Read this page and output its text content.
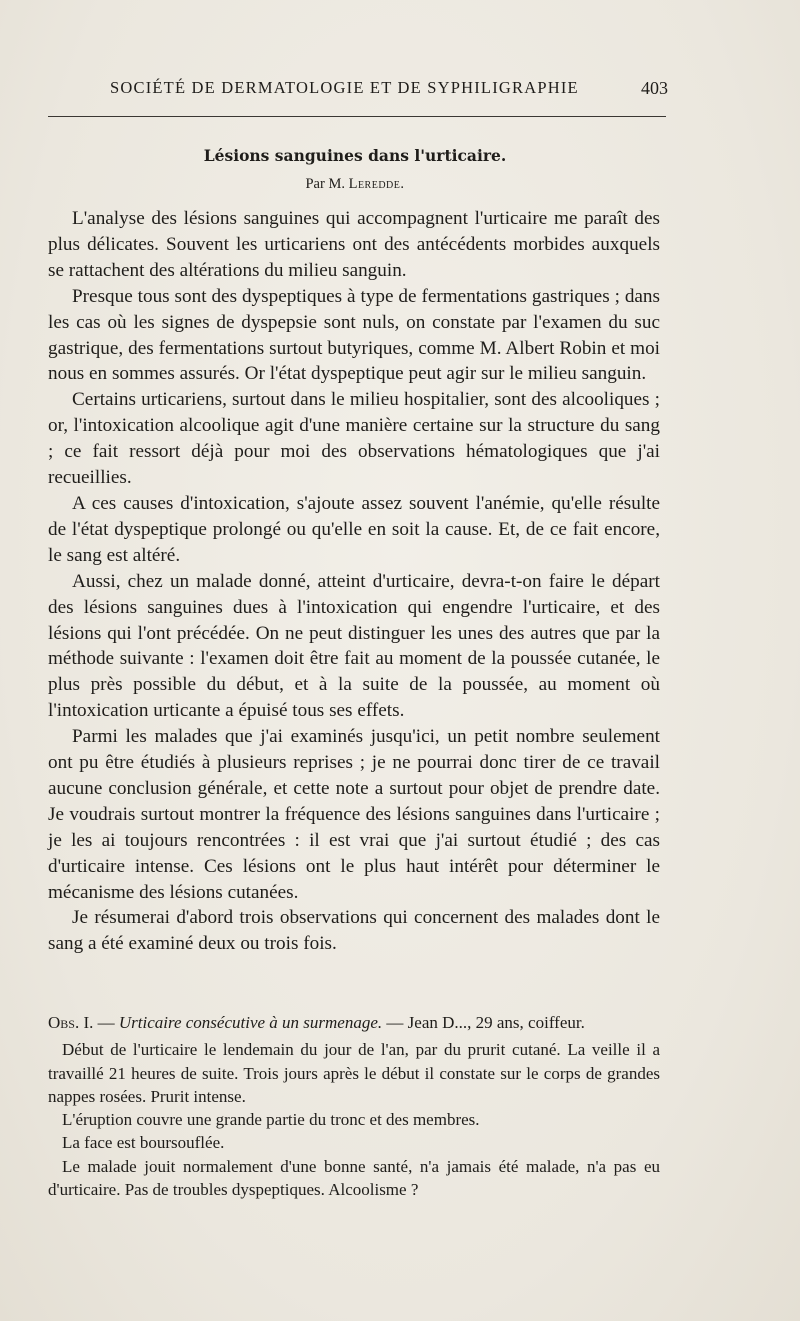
SOCIÉTÉ DE DERMATOLOGIE ET DE SYPHILIGRAPHIE	403
Lésions sanguines dans l'urticaire.
Par M. Leredde.

L'analyse des lésions sanguines qui accompagnent l'urticaire me paraît des plus délicates. Souvent les urticariens ont des antécédents morbides auxquels se rattachent des altérations du milieu sanguin.

Presque tous sont des dyspeptiques à type de fermentations gastriques ; dans les cas où les signes de dyspepsie sont nuls, on constate par l'examen du suc gastrique, des fermentations surtout butyriques, comme M. Albert Robin et moi nous en sommes assurés. Or l'état dyspeptique peut agir sur le milieu sanguin.

Certains urticariens, surtout dans le milieu hospitalier, sont des alcooliques ; or, l'intoxication alcoolique agit d'une manière certaine sur la structure du sang ; ce fait ressort déjà pour moi des observations hématologiques que j'ai recueillies.

A ces causes d'intoxication, s'ajoute assez souvent l'anémie, qu'elle résulte de l'état dyspeptique prolongé ou qu'elle en soit la cause. Et, de ce fait encore, le sang est altéré.

Aussi, chez un malade donné, atteint d'urticaire, devra-t-on faire le départ des lésions sanguines dues à l'intoxication qui engendre l'urticaire, et des lésions qui l'ont précédée. On ne peut distinguer les unes des autres que par la méthode suivante : l'examen doit être fait au moment de la poussée cutanée, le plus près possible du début, et à la suite de la poussée, au moment où l'intoxication urticante a épuisé tous ses effets.

Parmi les malades que j'ai examinés jusqu'ici, un petit nombre seulement ont pu être étudiés à plusieurs reprises ; je ne pourrai donc tirer de ce travail aucune conclusion générale, et cette note a surtout pour objet de prendre date. Je voudrais surtout montrer la fréquence des lésions sanguines dans l'urticaire ; je les ai toujours rencontrées : il est vrai que j'ai surtout étudié ; des cas d'urticaire intense. Ces lésions ont le plus haut intérêt pour déterminer le mécanisme des lésions cutanées.

Je résumerai d'abord trois observations qui concernent des malades dont le sang a été examiné deux ou trois fois.

Obs. I. — Urticaire consécutive à un surmenage. — Jean D..., 29 ans, coiffeur.

Début de l'urticaire le lendemain du jour de l'an, par du prurit cutané. La veille il a travaillé 21 heures de suite. Trois jours après le début il constate sur le corps de grandes nappes rosées. Prurit intense.

L'éruption couvre une grande partie du tronc et des membres.

La face est boursouflée.

Le malade jouit normalement d'une bonne santé, n'a jamais été malade, n'a pas eu d'urticaire. Pas de troubles dyspeptiques. Alcoolisme ?
